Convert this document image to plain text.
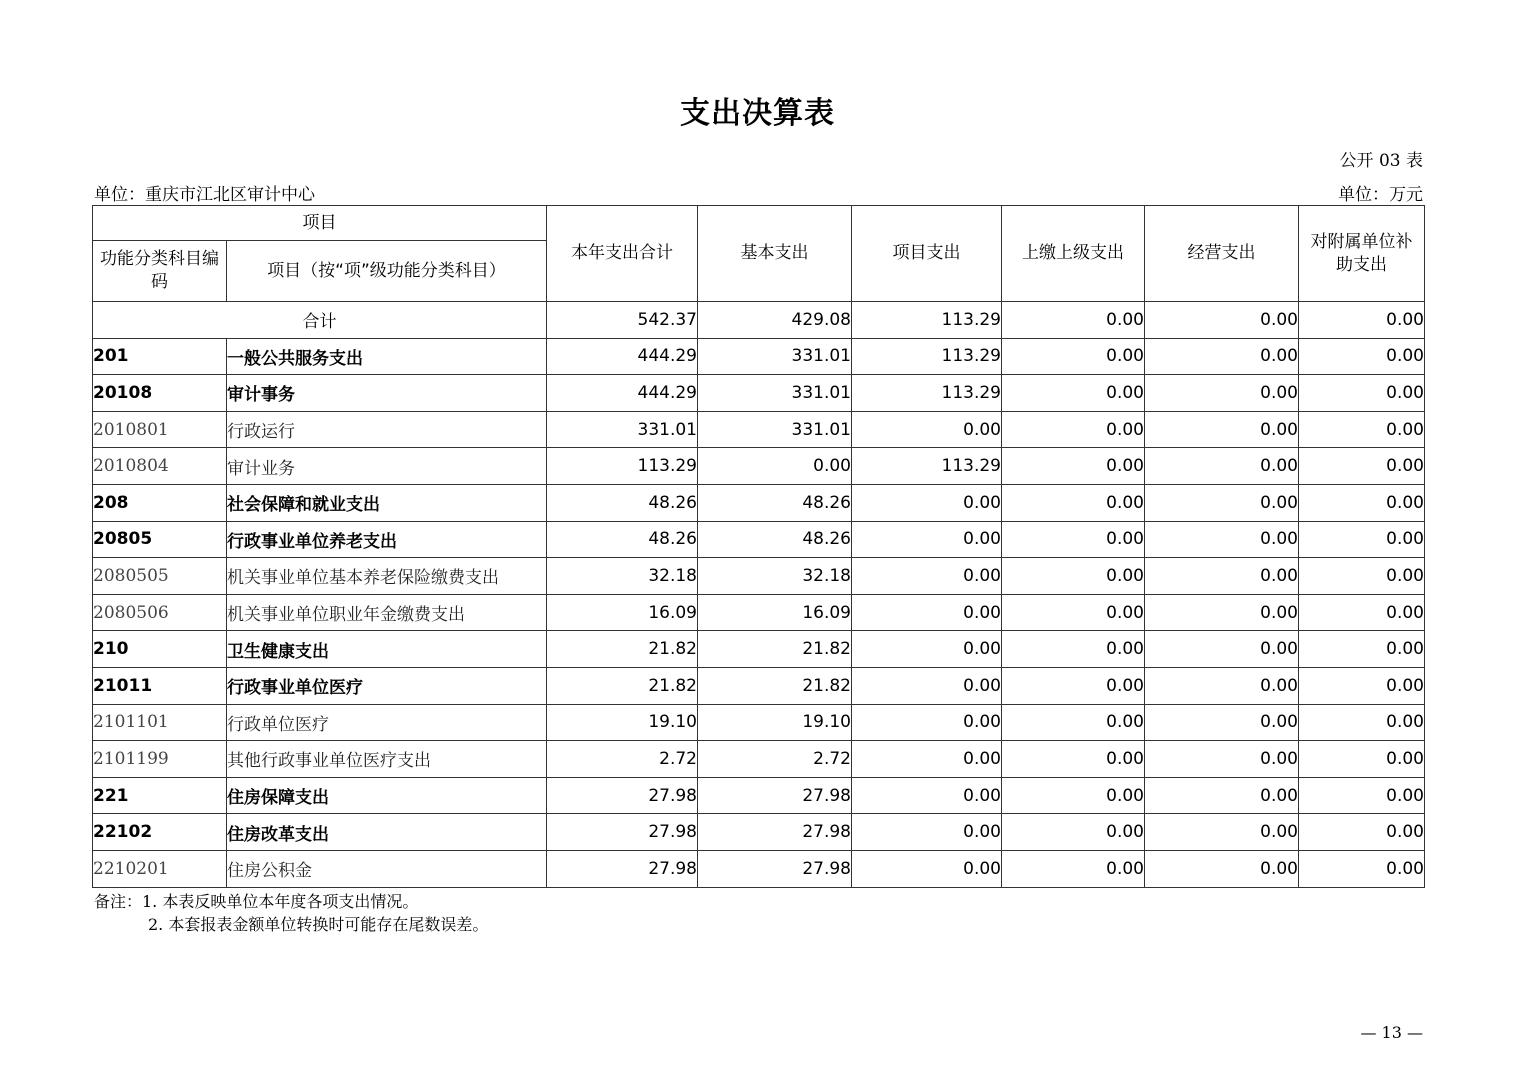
支出决算表
公开 03 表
单位：重庆市江北区审计中心	单位：万元
项目		本年支出合计	基本支出	项目支出	上缴上级支出	经营支出	对附属单位补助支出
功能分类科目编码	项目（按“项”级功能分类科目）						
合计		542.37	429.08	113.29	0.00	0.00	0.00
201	一般公共服务支出	444.29	331.01	113.29	0.00	0.00	0.00
20108	审计事务	444.29	331.01	113.29	0.00	0.00	0.00
2010801	行政运行	331.01	331.01	0.00	0.00	0.00	0.00
2010804	审计业务	113.29	0.00	113.29	0.00	0.00	0.00
208	社会保障和就业支出	48.26	48.26	0.00	0.00	0.00	0.00
20805	行政事业单位养老支出	48.26	48.26	0.00	0.00	0.00	0.00
2080505	机关事业单位基本养老保险缴费支出	32.18	32.18	0.00	0.00	0.00	0.00
2080506	机关事业单位职业年金缴费支出	16.09	16.09	0.00	0.00	0.00	0.00
210	卫生健康支出	21.82	21.82	0.00	0.00	0.00	0.00
21011	行政事业单位医疗	21.82	21.82	0.00	0.00	0.00	0.00
2101101	行政单位医疗	19.10	19.10	0.00	0.00	0.00	0.00
2101199	其他行政事业单位医疗支出	2.72	2.72	0.00	0.00	0.00	0.00
221	住房保障支出	27.98	27.98	0.00	0.00	0.00	0.00
22102	住房改革支出	27.98	27.98	0.00	0.00	0.00	0.00
2210201	住房公积金	27.98	27.98	0.00	0.00	0.00	0.00
备注：1. 本表反映单位本年度各项支出情况。
2. 本套报表金额单位转换时可能存在尾数误差。
— 13 —
